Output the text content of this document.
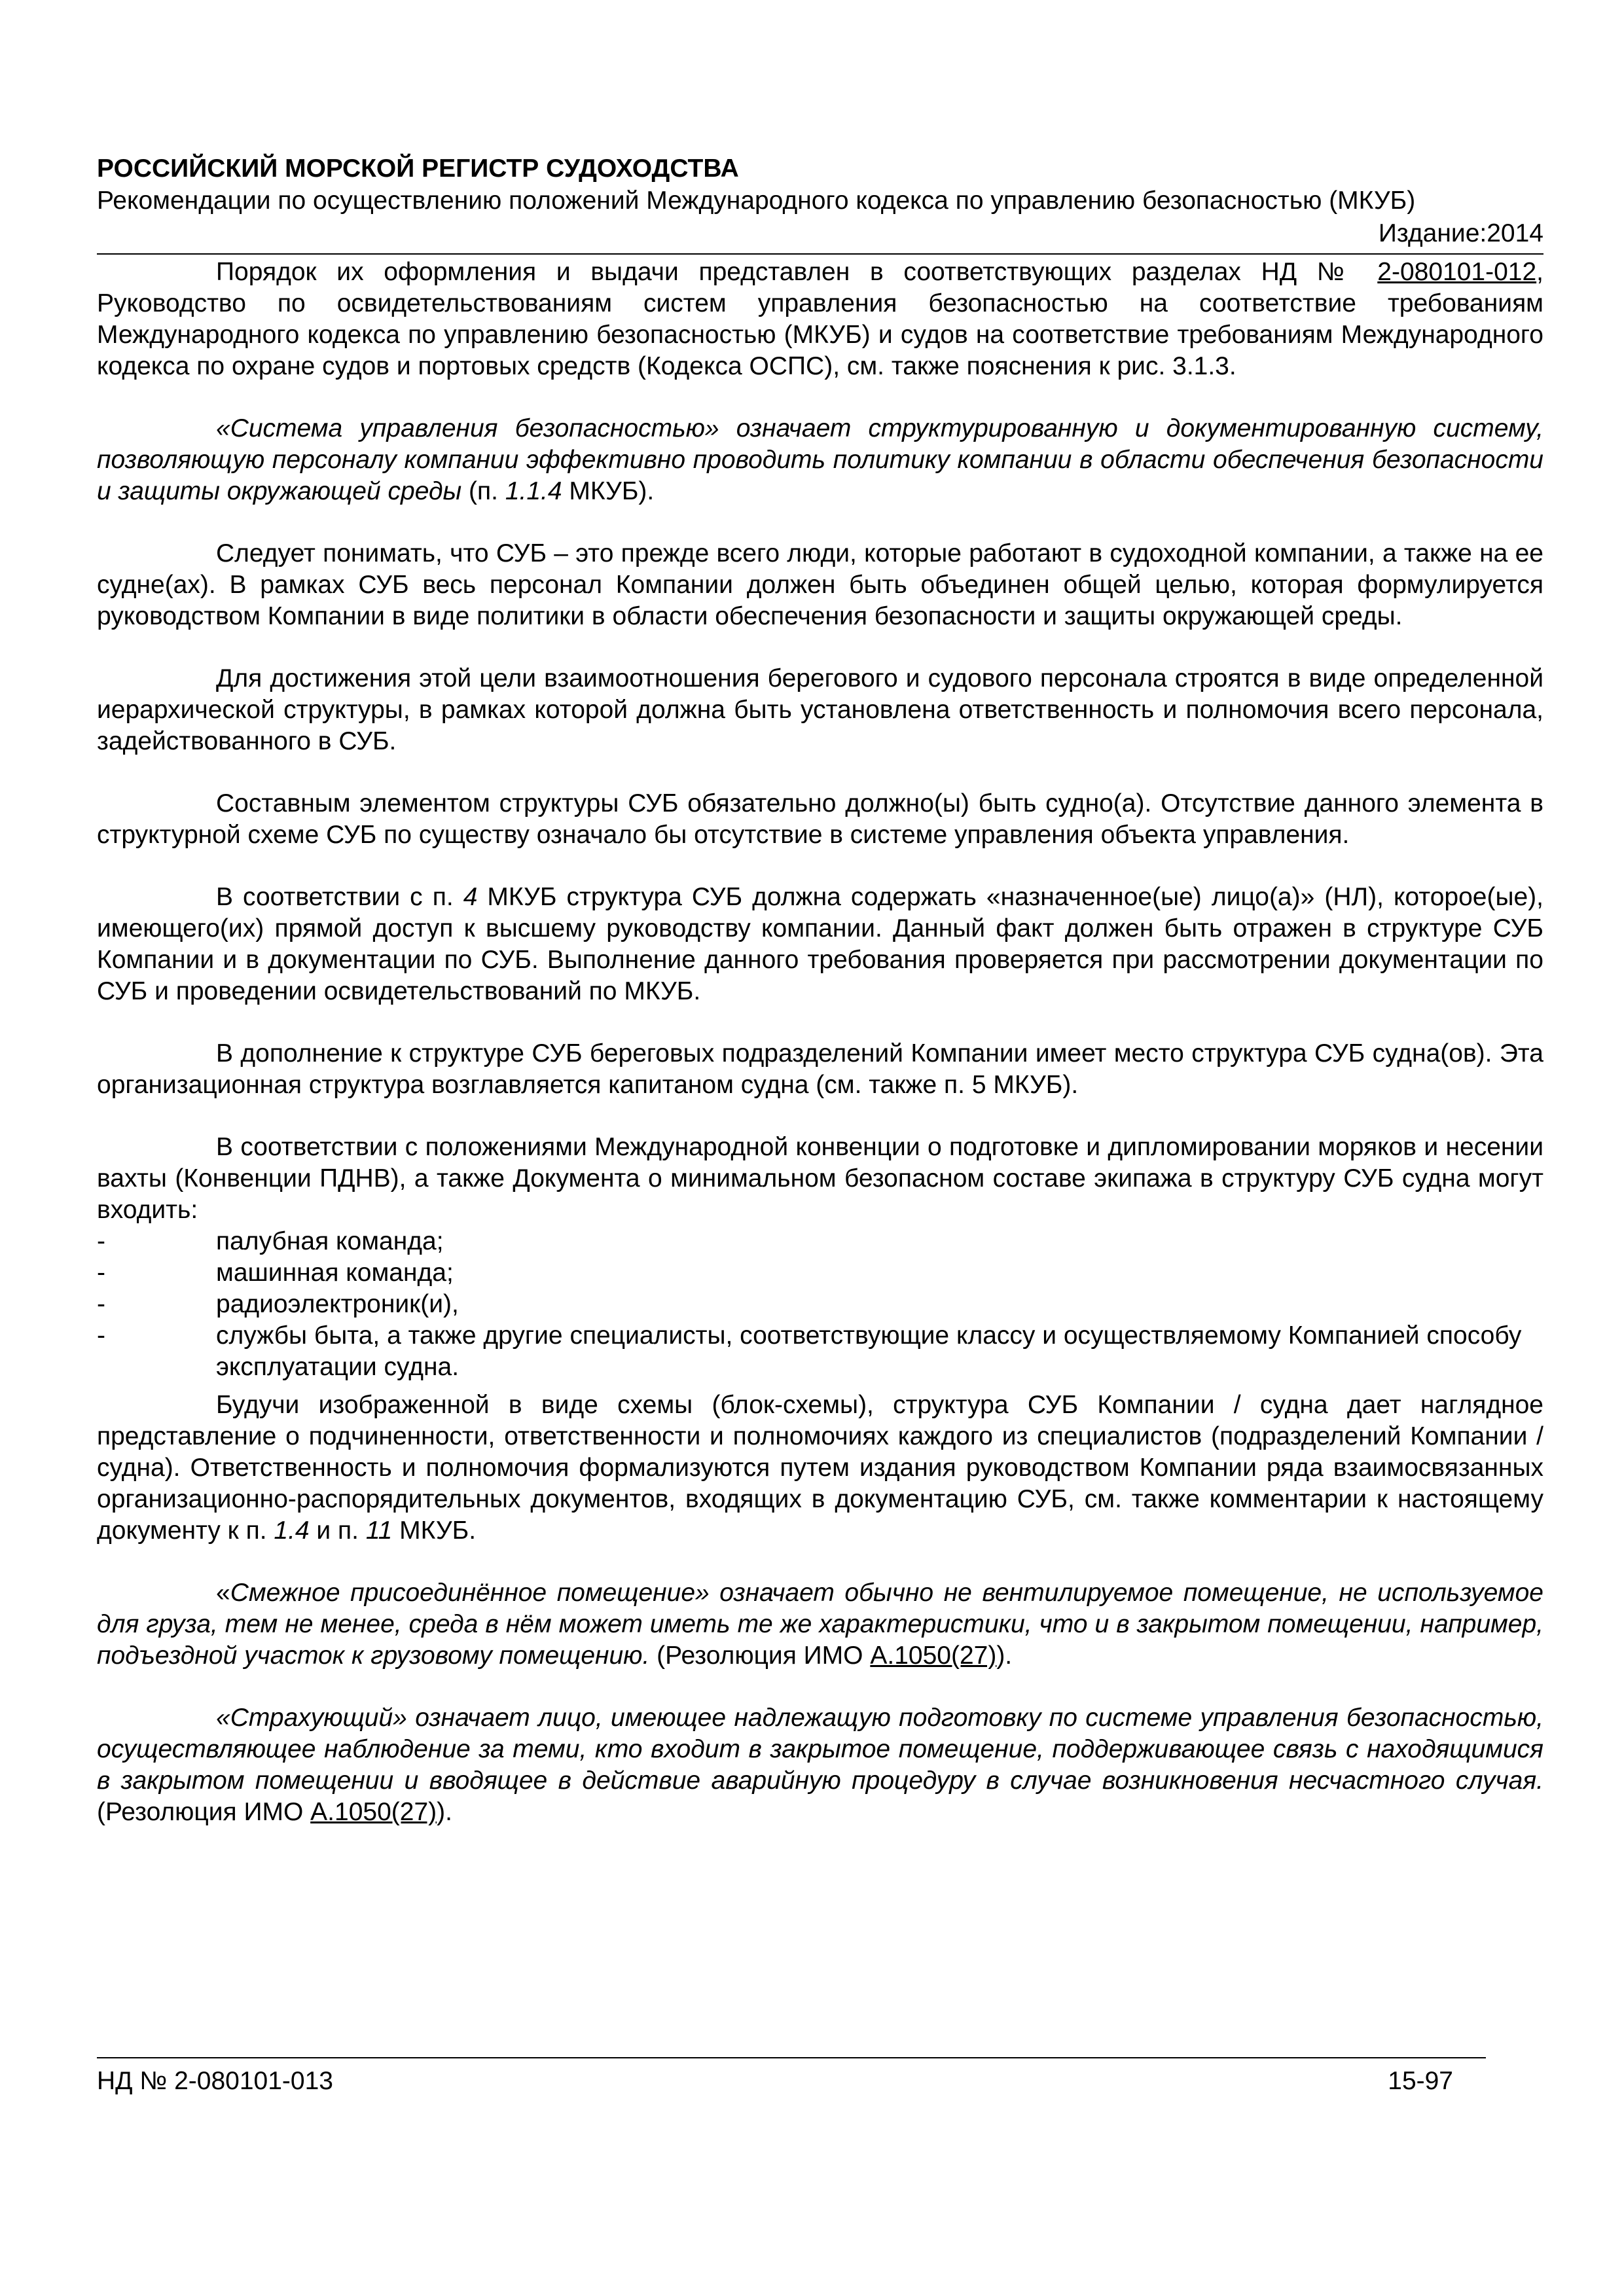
РОССИЙСКИЙ МОРСКОЙ РЕГИСТР СУДОХОДСТВА
Рекомендации по осуществлению положений Международного кодекса по управлению безопасностью (МКУБ)
Издание:2014

Порядок их оформления и выдачи представлен в соответствующих разделах НД № 2-080101-012, Руководство по освидетельствованиям систем управления безопасностью на соответствие требованиям Международного кодекса по управлению безопасностью (МКУБ) и судов на соответствие требованиям Международного кодекса по охране судов и портовых средств (Кодекса ОСПС), см. также пояснения к рис. 3.1.3.

«Система управления безопасностью» означает структурированную и документированную систему, позволяющую персоналу компании эффективно проводить политику компании в области обеспечения безопасности и защиты окружающей среды (п. 1.1.4 МКУБ).

Следует понимать, что СУБ – это прежде всего люди, которые работают в судоходной компании, а также на ее судне(ах). В рамках СУБ весь персонал Компании должен быть объединен общей целью, которая формулируется руководством Компании в виде политики в области обеспечения безопасности и защиты окружающей среды.

Для достижения этой цели взаимоотношения берегового и судового персонала строятся в виде определенной иерархической структуры, в рамках которой должна быть установлена ответственность и полномочия всего персонала, задействованного в СУБ.

Составным элементом структуры СУБ обязательно должно(ы) быть судно(а). Отсутствие данного элемента в структурной схеме СУБ по существу означало бы отсутствие в системе управления объекта управления.

В соответствии с п. 4 МКУБ структура СУБ должна содержать «назначенное(ые) лицо(а)» (НЛ), которое(ые), имеющего(их) прямой доступ к высшему руководству компании. Данный факт должен быть отражен в структуре СУБ Компании и в документации по СУБ. Выполнение данного требования проверяется при рассмотрении документации по СУБ и проведении освидетельствований по МКУБ.

В дополнение к структуре СУБ береговых подразделений Компании имеет место структура СУБ судна(ов). Эта организационная структура возглавляется капитаном судна (см. также п. 5 МКУБ).

В соответствии с положениями Международной конвенции о подготовке и дипломировании моряков и несении вахты (Конвенции ПДНВ), а также Документа о минимальном безопасном составе экипажа в структуру СУБ судна могут входить:

-	палубная команда;
-	машинная команда;
-	радиоэлектроник(и),
-	службы быта, а также другие специалисты, соответствующие классу и осуществляемому Компанией способу эксплуатации судна.

Будучи изображенной в виде схемы (блок-схемы), структура СУБ Компании / судна дает наглядное представление о подчиненности, ответственности и полномочиях каждого из специалистов (подразделений Компании / судна). Ответственность и полномочия формализуются путем издания руководством Компании ряда взаимосвязанных организационно-распорядительных документов, входящих в документацию СУБ, см. также комментарии к настоящему документу к п. 1.4 и п. 11 МКУБ.

«Смежное присоединённое помещение» означает обычно не вентилируемое помещение, не используемое для груза, тем не менее, среда в нём может иметь те же характеристики, что и в закрытом помещении, например, подъездной участок к грузовому помещению. (Резолюция ИМО А.1050(27)).

«Страхующий» означает лицо, имеющее надлежащую подготовку по системе управления безопасностью, осуществляющее наблюдение за теми, кто входит в закрытое помещение, поддерживающее связь с находящимися в закрытом помещении и вводящее в действие аварийную процедуру в случае возникновения несчастного случая. (Резолюция ИМО А.1050(27)).

НД № 2-080101-013	15-97
